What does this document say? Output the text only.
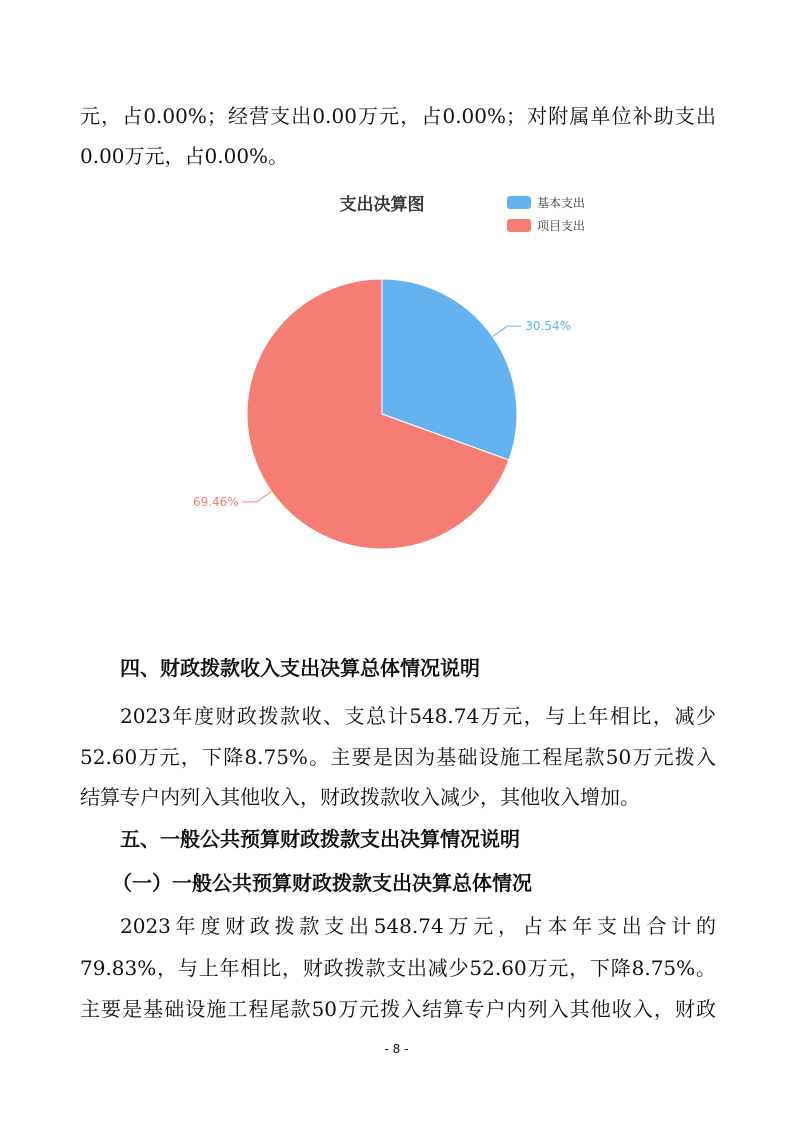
元，占0.00%；经营支出0.00万元，占0.00%；对附属单位补助支出
0.00万元，占0.00%。
支出决算图	基本支出
项目支出
30.54%
69.46%
四、财政拨款收入支出决算总体情况说明
2023年度财政拨款收、支总计548.74万元，与上年相比，减少
52.60万元，下降8.75%。主要是因为基础设施工程尾款50万元拨入
结算专户内列入其他收入，财政拨款收入减少，其他收入增加。
五、一般公共预算财政拨款支出决算情况说明
（一）一般公共预算财政拨款支出决算总体情况
2023年度财政拨款支出548.74万元，占本年支出合计的
79.83%，与上年相比，财政拨款支出减少52.60万元，下降8.75%。
主要是基础设施工程尾款50万元拨入结算专户内列入其他收入，财政
- 8 -
